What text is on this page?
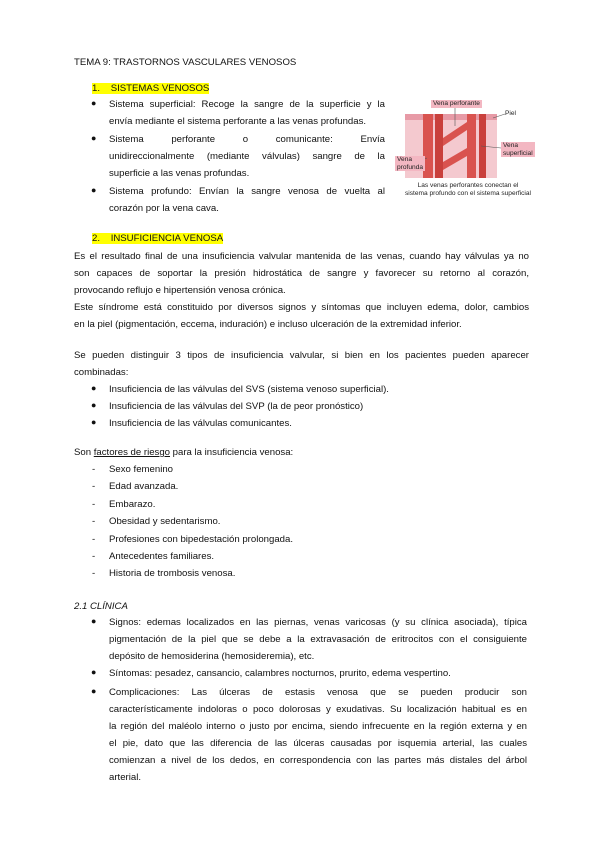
TEMA 9: TRASTORNOS VASCULARES VENOSOS
1. SISTEMAS VENOSOS
● Sistema superficial: Recoge la sangre de la superficie y la
envía mediante el sistema perforante a las venas profundas.
● Sistema perforante o comunicante: Envía
unidireccionalmente (mediante válvulas) sangre de la
superficie a las venas profundas.
● Sistema profundo: Envían la sangre venosa de vuelta al
corazón por la vena cava.
Vena perforante
Piel
Vena
superficial
Vena
profunda
Las venas perforantes conectan el
sistema profundo con el sistema superficial
2. INSUFICIENCIA VENOSA
Es el resultado final de una insuficiencia valvular mantenida de las venas, cuando hay válvulas ya no
son capaces de soportar la presión hidrostática de sangre y favorecer su retorno al corazón,
provocando reflujo e hipertensión venosa crónica.
Este síndrome está constituido por diversos signos y síntomas que incluyen edema, dolor, cambios
en la piel (pigmentación, eccema, induración) e incluso ulceración de la extremidad inferior.
Se pueden distinguir 3 tipos de insuficiencia valvular, si bien en los pacientes pueden aparecer
combinadas:
● Insuficiencia de las válvulas del SVS (sistema venoso superficial).
● Insuficiencia de las válvulas del SVP (la de peor pronóstico)
● Insuficiencia de las válvulas comunicantes.
Son factores de riesgo para la insuficiencia venosa:
- Sexo femenino
- Edad avanzada.
- Embarazo.
- Obesidad y sedentarismo.
- Profesiones con bipedestación prolongada.
- Antecedentes familiares.
- Historia de trombosis venosa.
2.1 CLÍNICA
● Signos: edemas localizados en las piernas, venas varicosas (y su clínica asociada), típica
pigmentación de la piel que se debe a la extravasación de eritrocitos con el consiguiente
depósito de hemosiderina (hemosideremia), etc.
● Síntomas: pesadez, cansancio, calambres nocturnos, prurito, edema vespertino.
● Complicaciones: Las úlceras de estasis venosa que se pueden producir son
característicamente indoloras o poco dolorosas y exudativas. Su localización habitual es en
la región del maléolo interno o justo por encima, siendo infrecuente en la región externa y en
el pie, dato que las diferencia de las úlceras causadas por isquemia arterial, las cuales
comienzan a nivel de los dedos, en correspondencia con las partes más distales del árbol
arterial.
